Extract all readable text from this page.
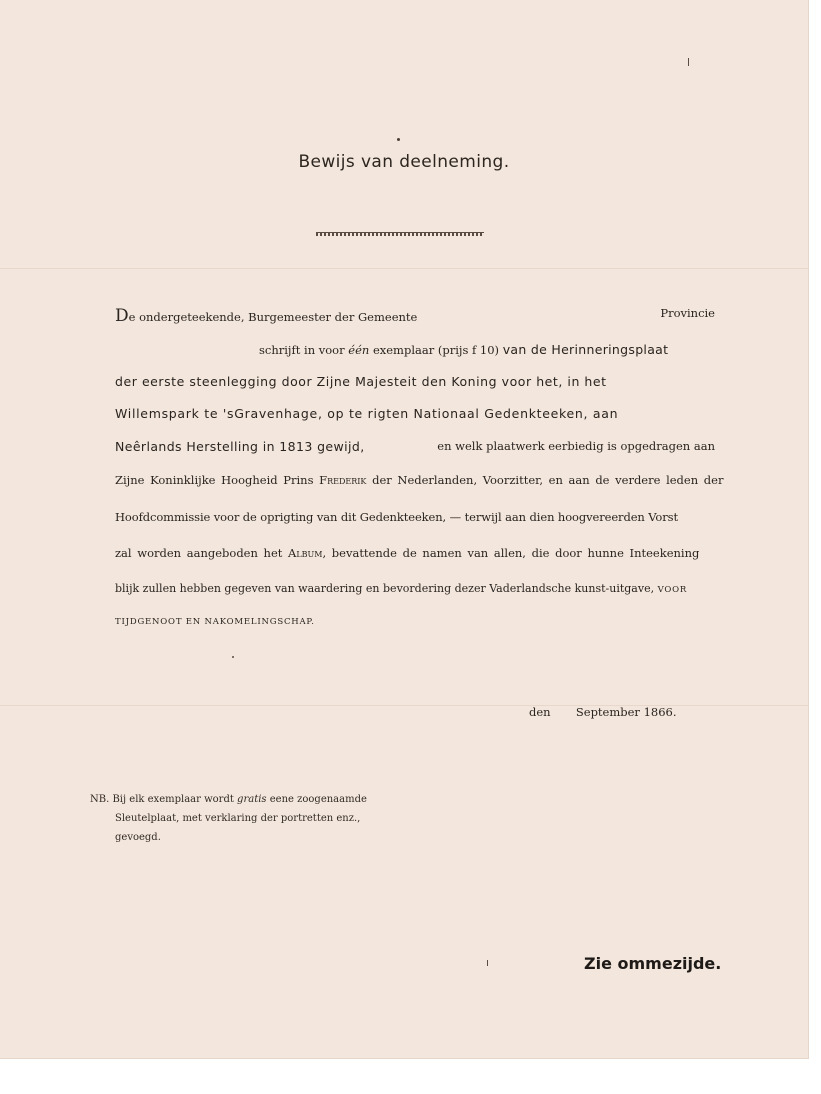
Bewijs van deelneming.
De ondergeteekende, Burgemeester der Gemeente	Provincie
schrijft in voor één exemplaar (prijs f 10) van de Herinneringsplaat
der eerste steenlegging door Zijne Majesteit den Koning voor het, in het
Willemspark te 'sGravenhage, op te rigten Nationaal Gedenkteeken, aan
Neêrlands Herstelling in 1813 gewijd,	en welk plaatwerk eerbiedig is opgedragen aan
Zijne Koninklijke Hoogheid Prins Frederik der Nederlanden, Voorzitter, en aan de verdere leden der
Hoofdcommissie voor de oprigting van dit Gedenkteeken, — terwijl aan dien hoogvereerden Vorst
zal worden aangeboden het Album, bevattende de namen van allen, die door hunne Inteekening
blijk zullen hebben gegeven van waardering en bevordering dezer Vaderlandsche kunst-uitgave, VOOR
TIJDGENOOT EN NAKOMELINGSCHAP.
den September 1866.
NB. Bij elk exemplaar wordt gratis eene zoogenaamde
Sleutelplaat, met verklaring der portretten enz.,
gevoegd.
Zie ommezijde.
